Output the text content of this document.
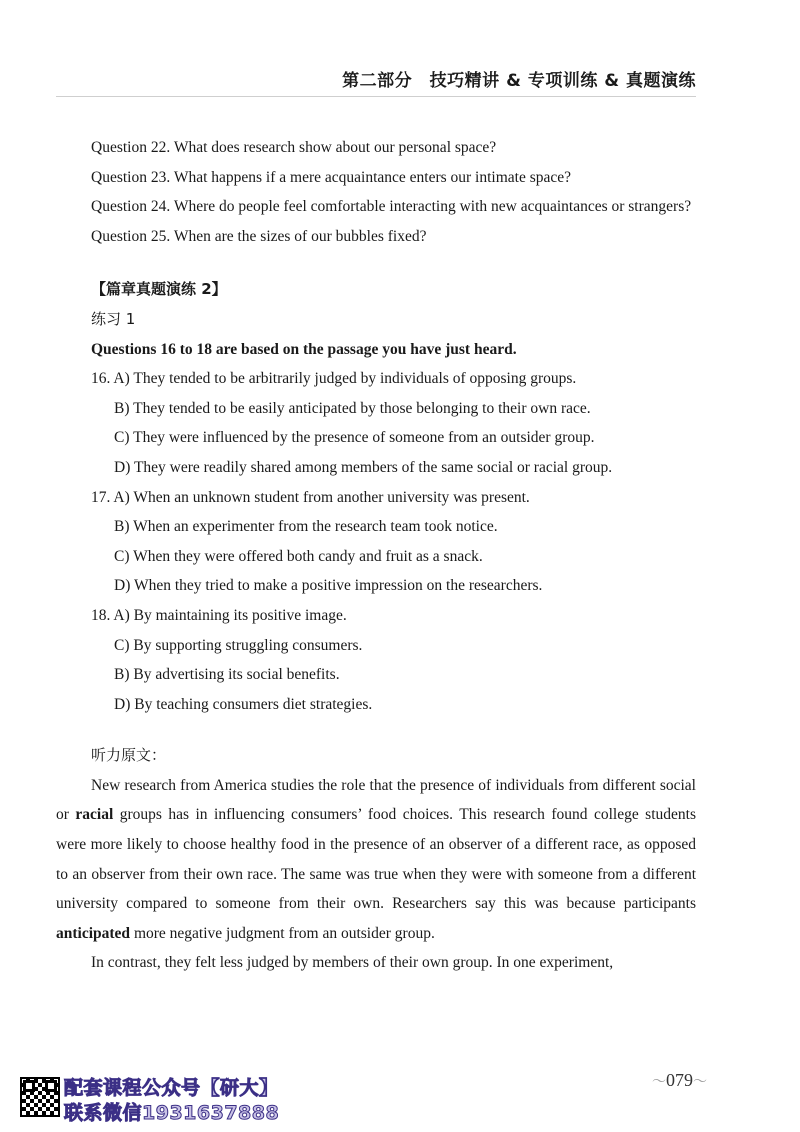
第二部分　技巧精讲 & 专项训练 & 真题演练
Question 22. What does research show about our personal space?
Question 23. What happens if a mere acquaintance enters our intimate space?
Question 24. Where do people feel comfortable interacting with new acquaintances or strangers?
Question 25. When are the sizes of our bubbles fixed?
【篇章真题演练 2】
练习 1
Questions 16 to 18 are based on the passage you have just heard.
16. A) They tended to be arbitrarily judged by individuals of opposing groups.
B) They tended to be easily anticipated by those belonging to their own race.
C) They were influenced by the presence of someone from an outsider group.
D) They were readily shared among members of the same social or racial group.
17. A) When an unknown student from another university was present.
B) When an experimenter from the research team took notice.
C) When they were offered both candy and fruit as a snack.
D) When they tried to make a positive impression on the researchers.
18. A) By maintaining its positive image.
C) By supporting struggling consumers.
B) By advertising its social benefits.
D) By teaching consumers diet strategies.
听力原文：
New research from America studies the role that the presence of individuals from different social or racial groups has in influencing consumers’ food choices. This research found college students were more likely to choose healthy food in the presence of an observer of a different race, as opposed to an observer from their own race. The same was true when they were with someone from a different university compared to someone from their own. Researchers say this was because participants anticipated more negative judgment from an outsider group.
In contrast, they felt less judged by members of their own group. In one experiment,
配套课程公众号【研大】
联系微信1931637888
〜079〜
